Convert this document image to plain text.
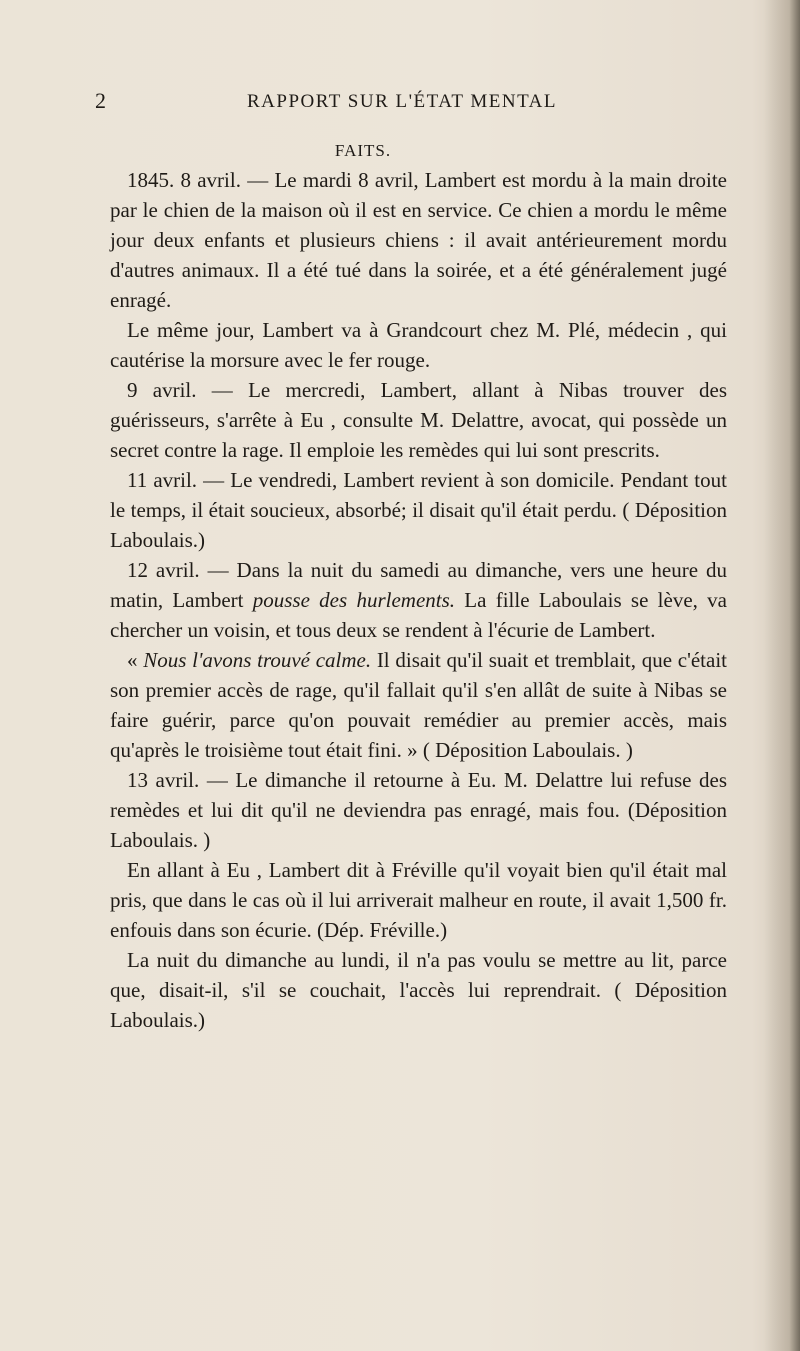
2	RAPPORT SUR L'ÉTAT MENTAL
FAITS.

1845. 8 avril. — Le mardi 8 avril, Lambert est mordu à la main droite par le chien de la maison où il est en service. Ce chien a mordu le même jour deux enfants et plusieurs chiens : il avait antérieurement mordu d'autres animaux. Il a été tué dans la soirée, et a été généralement jugé enragé.

Le même jour, Lambert va à Grandcourt chez M. Plé, médecin , qui cautérise la morsure avec le fer rouge.

9 avril. — Le mercredi, Lambert, allant à Nibas trouver des guérisseurs, s'arrête à Eu , consulte M. Delattre, avocat, qui possède un secret contre la rage. Il emploie les remèdes qui lui sont prescrits.

11 avril. — Le vendredi, Lambert revient à son domicile. Pendant tout le temps, il était soucieux, absorbé; il disait qu'il était perdu. ( Déposition Laboulais.)

12 avril. — Dans la nuit du samedi au dimanche, vers une heure du matin, Lambert pousse des hurlements. La fille Laboulais se lève, va chercher un voisin, et tous deux se rendent à l'écurie de Lambert.

« Nous l'avons trouvé calme. Il disait qu'il suait et tremblait, que c'était son premier accès de rage, qu'il fallait qu'il s'en allât de suite à Nibas se faire guérir, parce qu'on pouvait remédier au premier accès, mais qu'après le troisième tout était fini. » ( Déposition Laboulais. )

13 avril. — Le dimanche il retourne à Eu. M. Delattre lui refuse des remèdes et lui dit qu'il ne deviendra pas enragé, mais fou. (Déposition Laboulais. )

En allant à Eu , Lambert dit à Fréville qu'il voyait bien qu'il était mal pris, que dans le cas où il lui arriverait malheur en route, il avait 1,500 fr. enfouis dans son écurie. (Dép. Fréville.)

La nuit du dimanche au lundi, il n'a pas voulu se mettre au lit, parce que, disait-il, s'il se couchait, l'accès lui reprendrait. ( Déposition Laboulais.)
